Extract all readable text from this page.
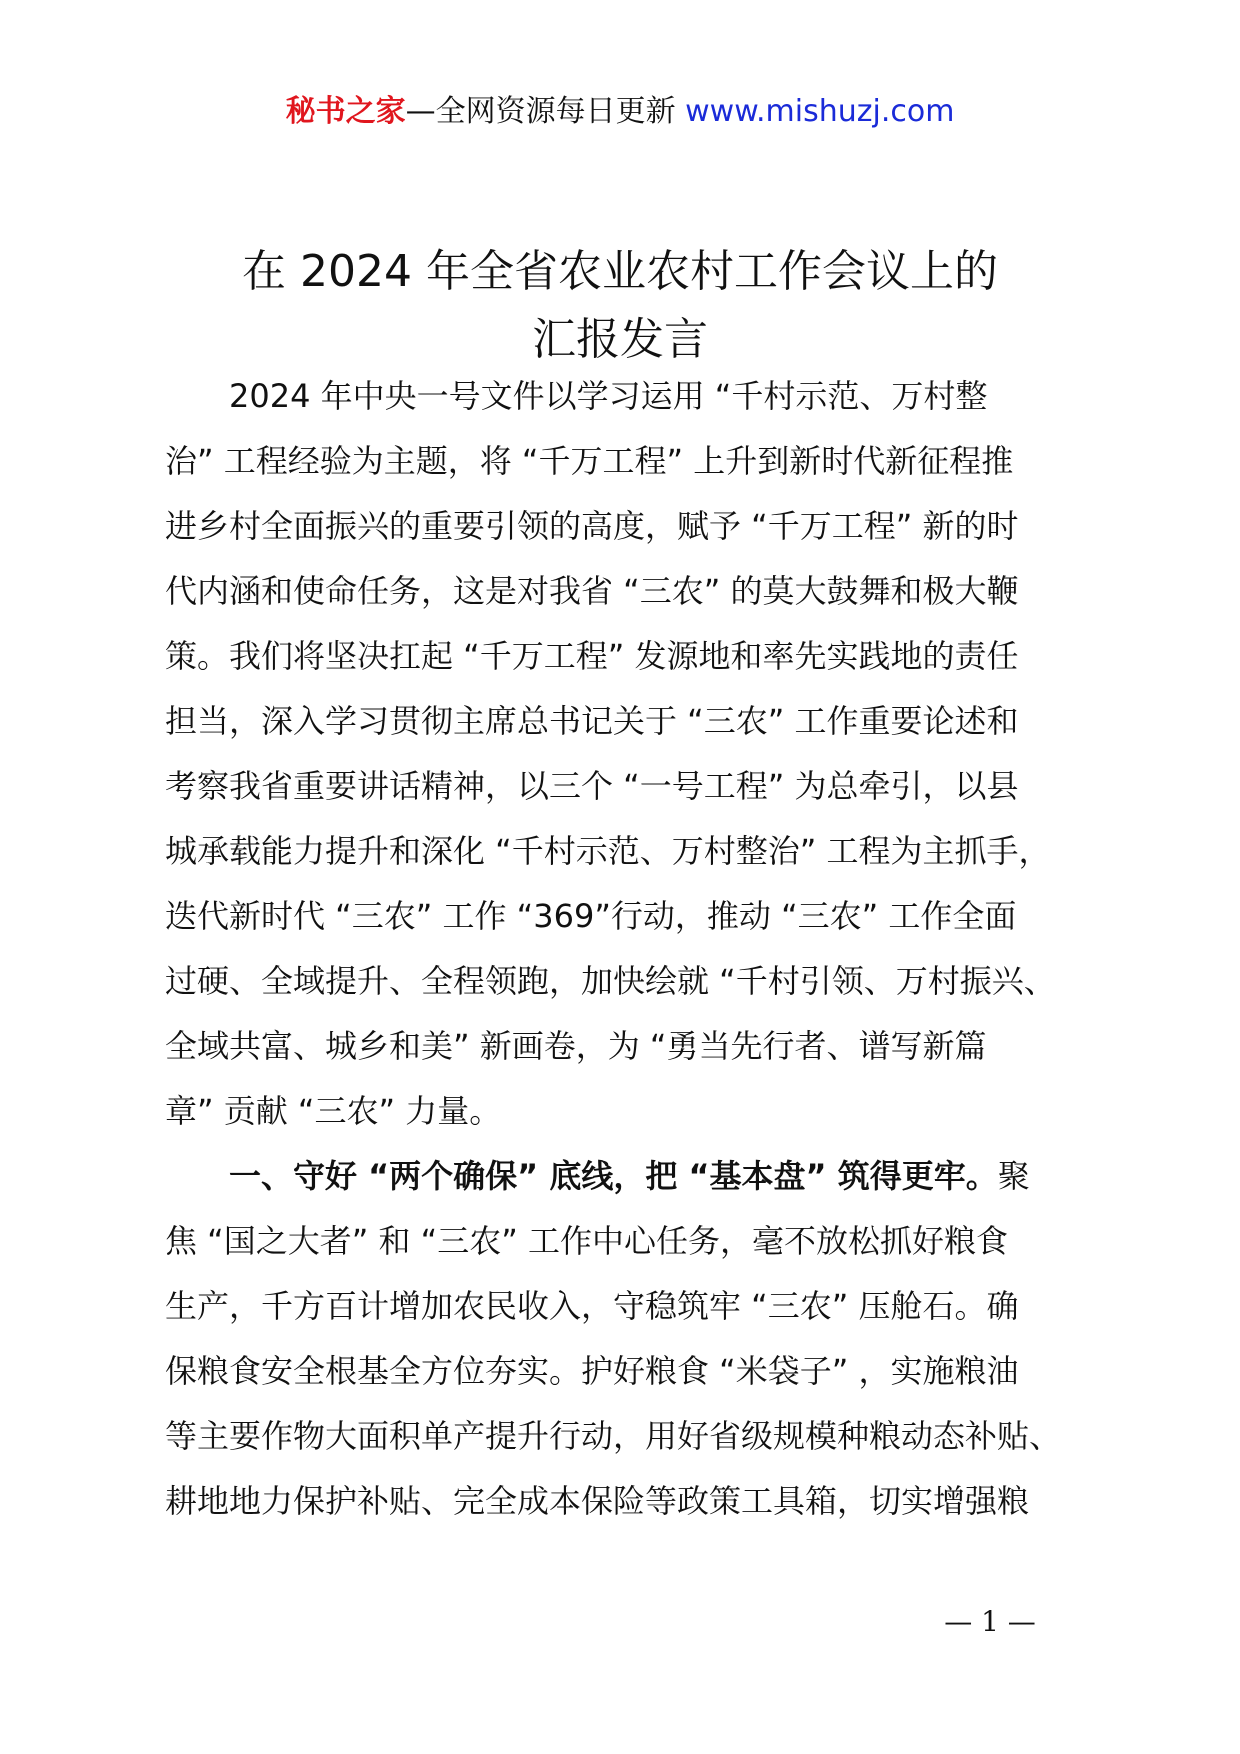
秘书之家—全网资源每日更新 www.mishuzj.com
在 2024 年全省农业农村工作会议上的
汇报发言
　　2024 年中央一号文件以学习运用 “千村示范、万村整
治” 工程经验为主题，将 “千万工程” 上升到新时代新征程推
进乡村全面振兴的重要引领的高度，赋予 “千万工程” 新的时
代内涵和使命任务，这是对我省 “三农” 的莫大鼓舞和极大鞭
策。我们将坚决扛起 “千万工程” 发源地和率先实践地的责任
担当，深入学习贯彻主席总书记关于 “三农” 工作重要论述和
考察我省重要讲话精神，以三个 “一号工程” 为总牵引，以县
城承载能力提升和深化 “千村示范、万村整治” 工程为主抓手，
迭代新时代 “三农” 工作 “369”行动，推动 “三农” 工作全面
过硬、全域提升、全程领跑，加快绘就 “千村引领、万村振兴、
全域共富、城乡和美” 新画卷，为 “勇当先行者、谱写新篇
章” 贡献 “三农” 力量。
　　一、守好 “两个确保” 底线，把 “基本盘” 筑得更牢。聚
焦 “国之大者” 和 “三农” 工作中心任务，毫不放松抓好粮食
生产，千方百计增加农民收入，守稳筑牢 “三农” 压舱石。确
保粮食安全根基全方位夯实。护好粮食 “米袋子” ，实施粮油
等主要作物大面积单产提升行动，用好省级规模种粮动态补贴、
耕地地力保护补贴、完全成本保险等政策工具箱，切实增强粮
— 1 —
